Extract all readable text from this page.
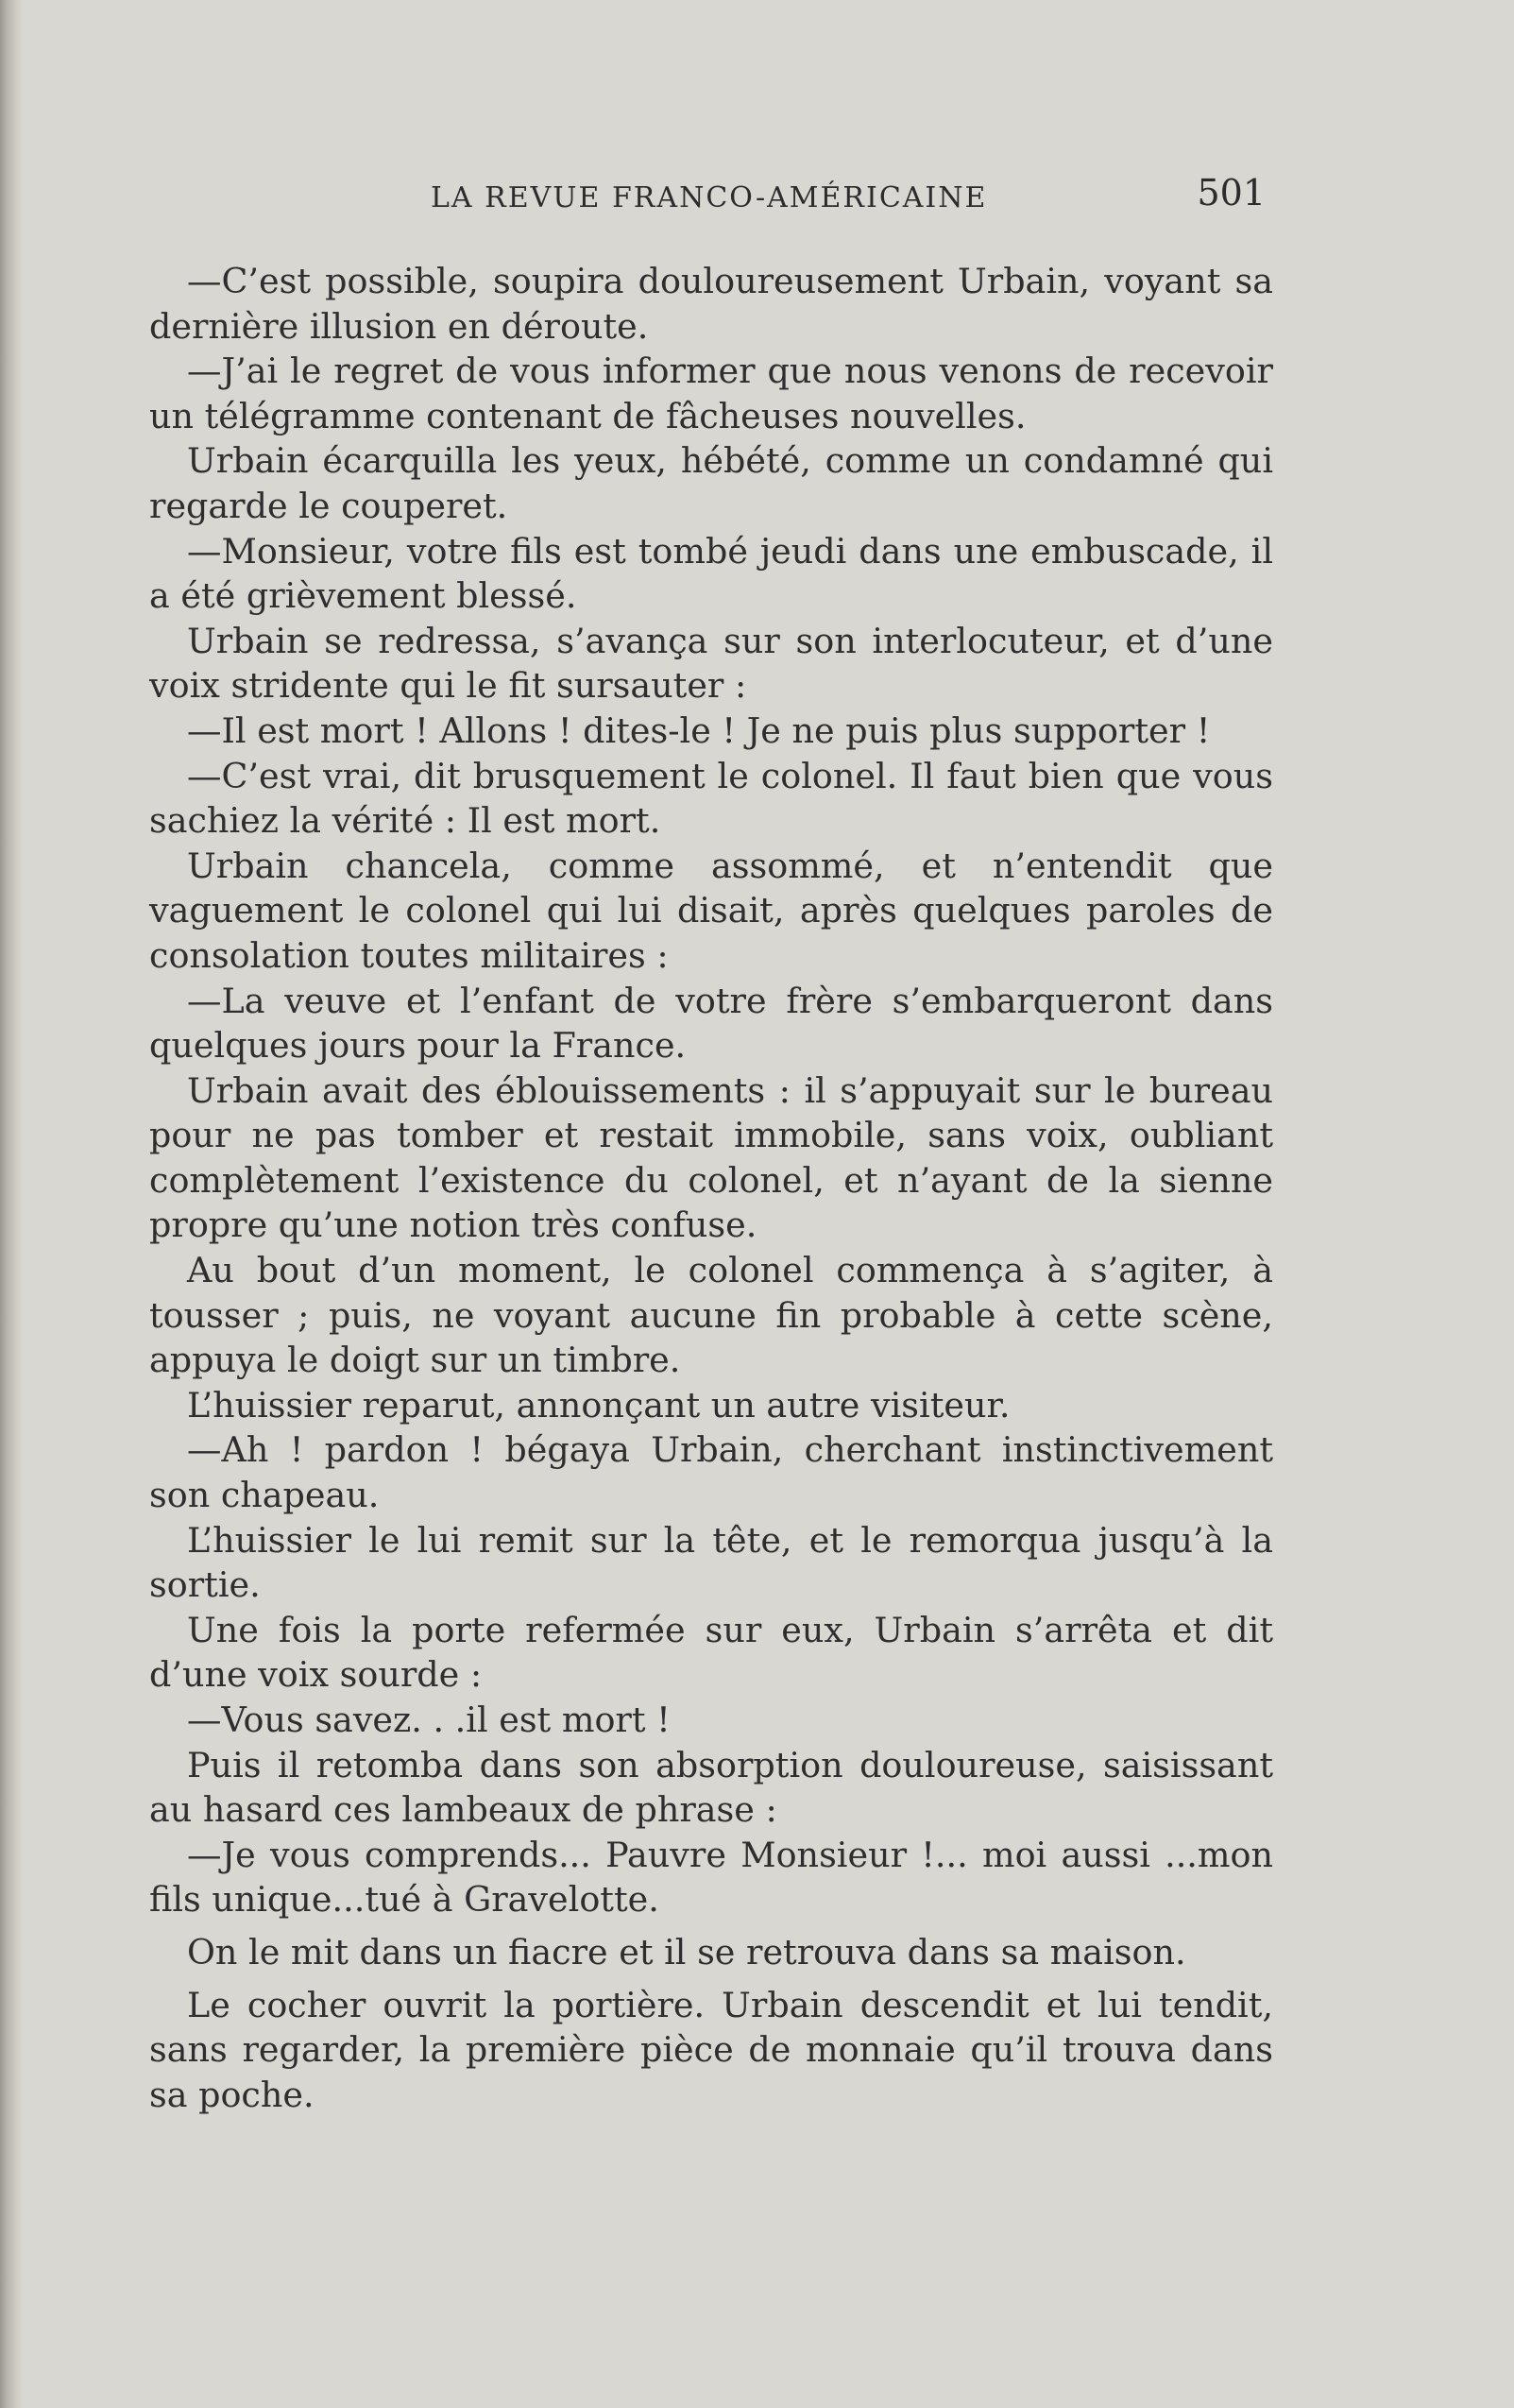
LA REVUE FRANCO-AMÉRICAINE	501

—C’est possible, soupira douloureusement Urbain, voyant sa dernière illusion en déroute.

—J’ai le regret de vous informer que nous venons de recevoir un télégramme contenant de fâcheuses nouvelles.

Urbain écarquilla les yeux, hébété, comme un condamné qui regarde le couperet.

—Monsieur, votre fils est tombé jeudi dans une embuscade, il a été grièvement blessé.

Urbain se redressa, s’avança sur son interlocuteur, et d’une voix stridente qui le fit sursauter :

—Il est mort ! Allons ! dites-le ! Je ne puis plus supporter !

—C’est vrai, dit brusquement le colonel. Il faut bien que vous sachiez la vérité : Il est mort.

Urbain chancela, comme assommé, et n’entendit que vaguement le colonel qui lui disait, après quelques paroles de consolation toutes militaires :

—La veuve et l’enfant de votre frère s’embarqueront dans quelques jours pour la France.

Urbain avait des éblouissements : il s’appuyait sur le bureau pour ne pas tomber et restait immobile, sans voix, oubliant complètement l’existence du colonel, et n’ayant de la sienne propre qu’une notion très confuse.

Au bout d’un moment, le colonel commença à s’agiter, à tousser ; puis, ne voyant aucune fin probable à cette scène, appuya le doigt sur un timbre.

L’huissier reparut, annonçant un autre visiteur.

—Ah ! pardon ! bégaya Urbain, cherchant instinctivement son chapeau.

L’huissier le lui remit sur la tête, et le remorqua jusqu’à la sortie.

Une fois la porte refermée sur eux, Urbain s’arrêta et dit d’une voix sourde :

—Vous savez. . .il est mort !

Puis il retomba dans son absorption douloureuse, saisissant au hasard ces lambeaux de phrase :

—Je vous comprends... Pauvre Monsieur !... moi aussi ...mon fils unique...tué à Gravelotte.

On le mit dans un fiacre et il se retrouva dans sa maison.

Le cocher ouvrit la portière. Urbain descendit et lui tendit, sans regarder, la première pièce de monnaie qu’il trouva dans sa poche.
